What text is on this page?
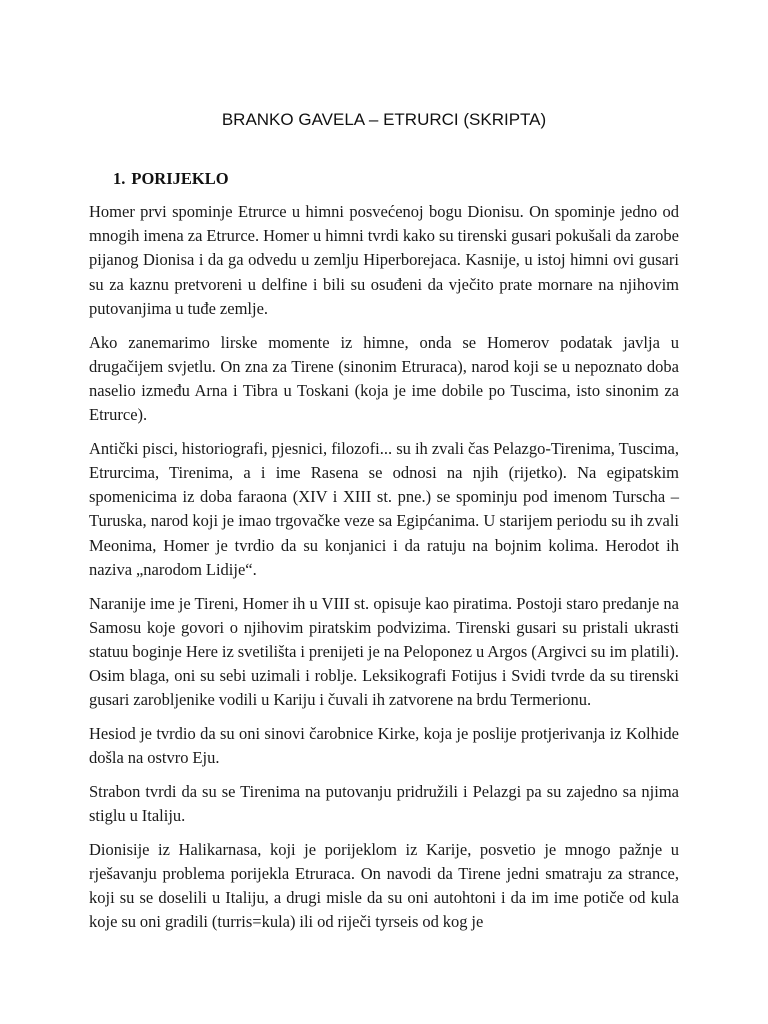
BRANKO GAVELA – ETRURCI (SKRIPTA)
1. PORIJEKLO

Homer prvi spominje Etrurce u himni posvećenoj bogu Dionisu. On spominje jedno od mnogih imena za Etrurce. Homer u himni tvrdi kako su tirenski gusari pokušali da zarobe pijanog Dionisa i da ga odvedu u zemlju Hiperborejaca. Kasnije, u istoj himni ovi gusari su za kaznu pretvoreni u delfine i bili su osuđeni da vječito prate mornare na njihovim putovanjima u tuđe zemlje.

Ako zanemarimo lirske momente iz himne, onda se Homerov podatak javlja u drugačijem svjetlu. On zna za Tirene (sinonim Etruraca), narod koji se u nepoznato doba naselio između Arna i Tibra u Toskani (koja je ime dobile po Tuscima, isto sinonim za Etrurce).

Antički pisci, historiografi, pjesnici, filozofi... su ih zvali čas Pelazgo-Tirenima, Tuscima, Etrurcima, Tirenima, a i ime Rasena se odnosi na njih (rijetko). Na egipatskim spomenicima iz doba faraona (XIV i XIII st. pne.) se spominju pod imenom Turscha – Turuska, narod koji je imao trgovačke veze sa Egipćanima. U starijem periodu su ih zvali Meonima, Homer je tvrdio da su konjanici i da ratuju na bojnim kolima. Herodot ih naziva „narodom Lidije“.

Naranije ime je Tireni, Homer ih u VIII st. opisuje kao piratima. Postoji staro predanje na Samosu koje govori o njihovim piratskim podvizima. Tirenski gusari su pristali ukrasti statuu boginje Here iz svetilišta i prenijeti je na Peloponez u Argos (Argivci su im platili). Osim blaga, oni su sebi uzimali i roblje. Leksikografi Fotijus i Svidi tvrde da su tirenski gusari zarobljenike vodili u Kariju i čuvali ih zatvorene na brdu Termerionu.

Hesiod je tvrdio da su oni sinovi čarobnice Kirke, koja je poslije protjerivanja iz Kolhide došla na ostvro Eju.

Strabon tvrdi da su se Tirenima na putovanju pridružili i Pelazgi pa su zajedno sa njima stiglu u Italiju.

Dionisije iz Halikarnasa, koji je porijeklom iz Karije, posvetio je mnogo pažnje u rješavanju problema porijekla Etruraca. On navodi da Tirene jedni smatraju za strance, koji su se doselili u Italiju, a drugi misle da su oni autohtoni i da im ime potiče od kula koje su oni gradili (turris=kula) ili od riječi tyrseis od kog je
